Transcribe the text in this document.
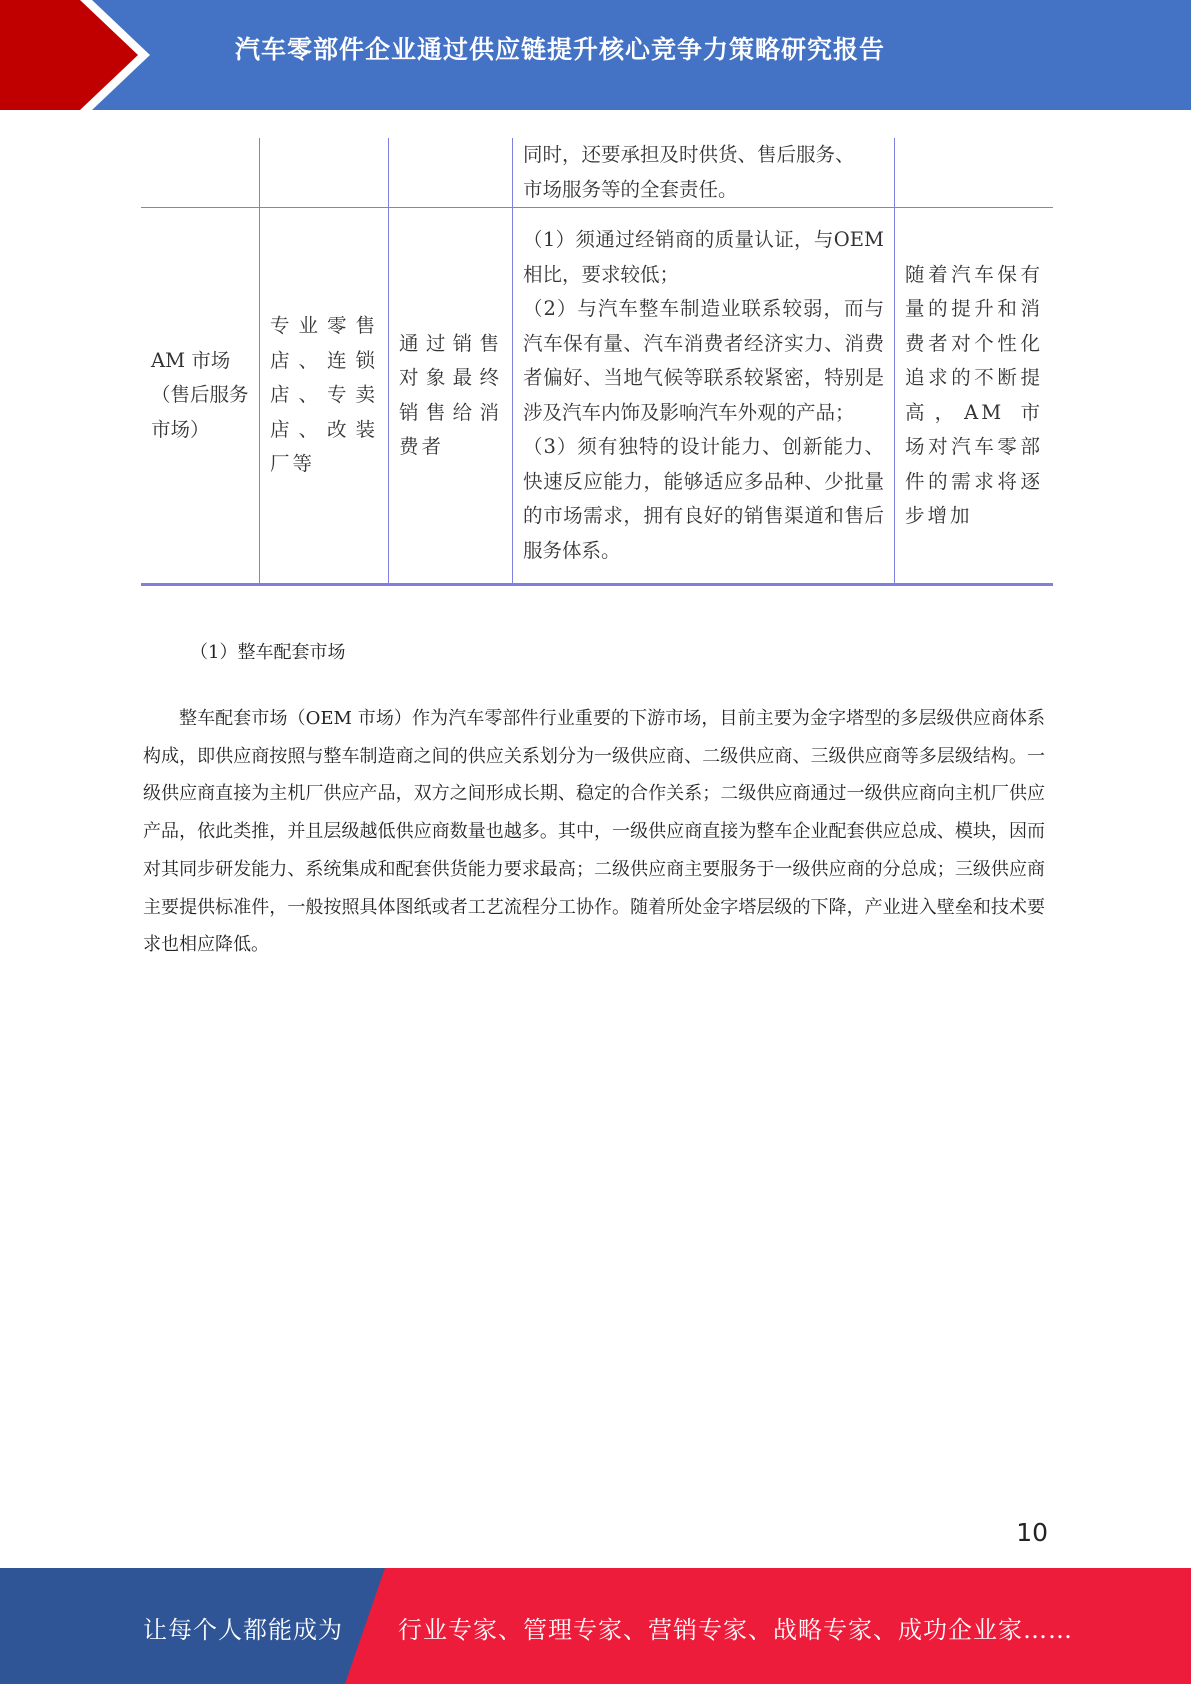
汽车零部件企业通过供应链提升核心竞争力策略研究报告

			同时，还要承担及时供货、售后服务、
市场服务等的全套责任。	

AM 市场（售后服务市场）	专业零售店、连锁店、专卖店、改装厂等	通过销售对象最终销售给消费者	（1）须通过经销商的质量认证，与OEM 相比，要求较低；
（2）与汽车整车制造业联系较弱，而与汽车保有量、汽车消费者经济实力、消费者偏好、当地气候等联系较紧密，特别是涉及汽车内饰及影响汽车外观的产品；
（3）须有独特的设计能力、创新能力、快速反应能力，能够适应多品种、少批量的市场需求，拥有良好的销售渠道和售后服务体系。	随着汽车保有量的提升和消费者对个性化追求的不断提高，AM 市场对汽车零部件的需求将逐步增加
（1）整车配套市场

整车配套市场（OEM 市场）作为汽车零部件行业重要的下游市场，目前主要为金字塔型的多层级供应商体系构成，即供应商按照与整车制造商之间的供应关系划分为一级供应商、二级供应商、三级供应商等多层级结构。一级供应商直接为主机厂供应产品，双方之间形成长期、稳定的合作关系；二级供应商通过一级供应商向主机厂供应产品，依此类推，并且层级越低供应商数量也越多。其中，一级供应商直接为整车企业配套供应总成、模块，因而对其同步研发能力、系统集成和配套供货能力要求最高；二级供应商主要服务于一级供应商的分总成；三级供应商主要提供标准件，一般按照具体图纸或者工艺流程分工协作。随着所处金字塔层级的下降，产业进入壁垒和技术要求也相应降低。

10
让每个人都能成为 行业专家、管理专家、营销专家、战略专家、成功企业家……
